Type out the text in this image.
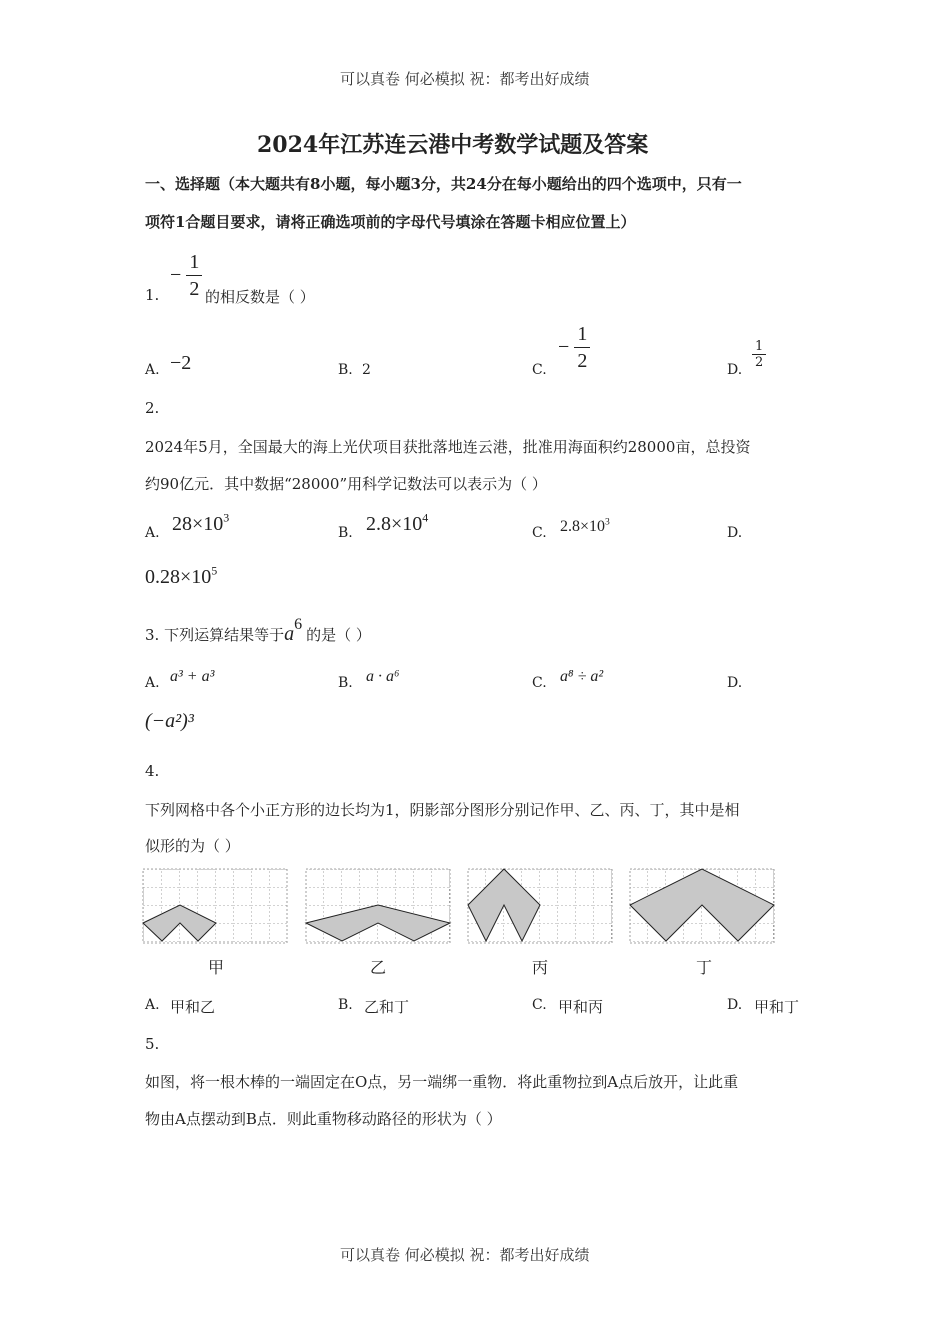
可以真卷 何必模拟 祝：都考出好成绩
2024年江苏连云港中考数学试题及答案
一、选择题（本大题共有8小题，每小题3分，共24分在每小题给出的四个选项中，只有一
项符1合题目要求，请将正确选项前的字母代号填涂在答题卡相应位置上）
− $\frac{1}{2}$
1.	的相反数是（ ）
A. −2	B. 2	C.
− $\frac{1}{2}$	D.
$\frac{1}{2}$
2.
2024年5月，全国最大的海上光伏项目获批落地连云港，批准用海面积约28000亩，总投资
约90亿元．其中数据“28000”用科学记数法可以表示为（ ）
A. $28\times 10^3$
B. $2.8\times 10^4$
C. $2.8\times 10^3$
D.
$0.28\times 10^5$
3. 下列运算结果等于$a^6$的是（ ）
A. a³ + a³	B. a · a⁶	C. a⁸ ÷ a²	D.
(−a²)³
4.
下列网格中各个小正方形的边长均为1，阴影部分图形分别记作甲、乙、丙、丁，其中是相
似形的为（ ）
甲	乙	丙	丁
A. 甲和乙	B. 乙和丁	C. 甲和丙	D. 甲和丁
5.
如图，将一根木棒的一端固定在O点，另一端绑一重物．将此重物拉到A点后放开，让此重
物由A点摆动到B点．则此重物移动路径的形状为（ ）
可以真卷 何必模拟 祝：都考出好成绩
